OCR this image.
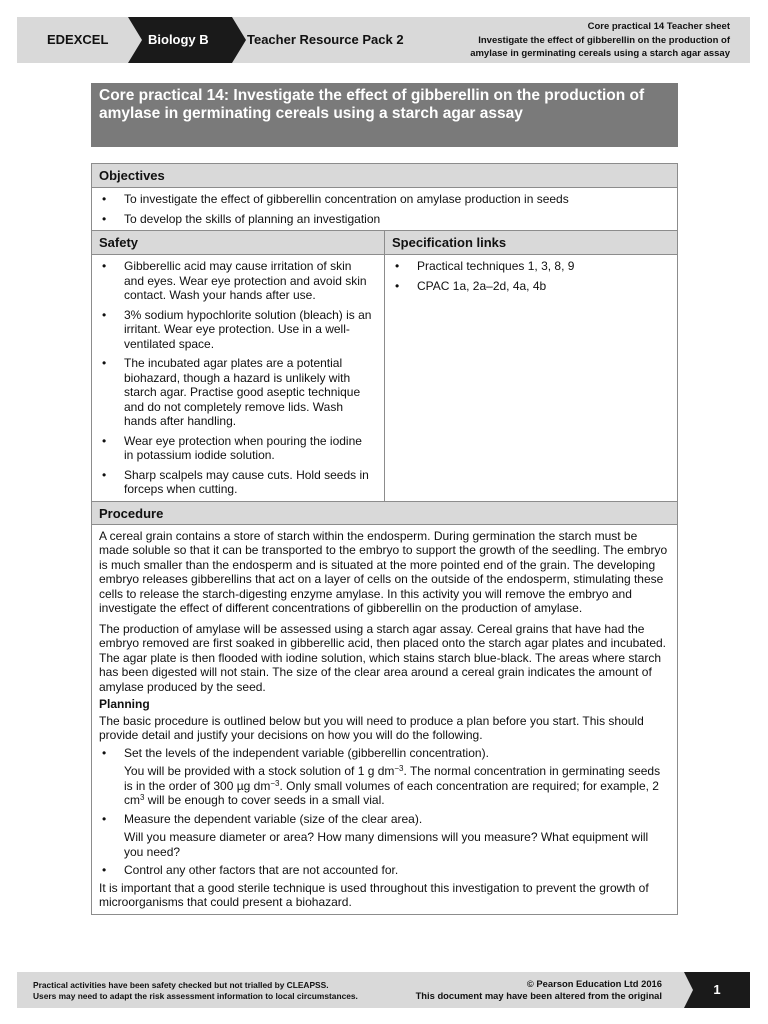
EDEXCEL	Biology B	Teacher Resource Pack 2
Core practical 14 Teacher sheet
Investigate the effect of gibberellin on the production of
amylase in germinating cereals using a starch agar assay
Core practical 14: Investigate the effect of gibberellin on the production of amylase in germinating cereals using a starch agar assay
Objectives
• To investigate the effect of gibberellin concentration on amylase production in seeds
• To develop the skills of planning an investigation
Safety
• Gibberellic acid may cause irritation of skin and eyes. Wear eye protection and avoid skin contact. Wash your hands after use.
• 3% sodium hypochlorite solution (bleach) is an irritant. Wear eye protection. Use in a well-ventilated space.
• The incubated agar plates are a potential biohazard, though a hazard is unlikely with starch agar. Practise good aseptic technique and do not completely remove lids. Wash hands after handling.
• Wear eye protection when pouring the iodine in potassium iodide solution.
• Sharp scalpels may cause cuts. Hold seeds in forceps when cutting.
Specification links
• Practical techniques 1, 3, 8, 9
• CPAC 1a, 2a–2d, 4a, 4b
Procedure

A cereal grain contains a store of starch within the endosperm. During germination the starch must be made soluble so that it can be transported to the embryo to support the growth of the seedling. The embryo is much smaller than the endosperm and is situated at the more pointed end of the grain. The developing embryo releases gibberellins that act on a layer of cells on the outside of the endosperm, stimulating these cells to release the starch-digesting enzyme amylase. In this activity you will remove the embryo and investigate the effect of different concentrations of gibberellin on the production of amylase.

The production of amylase will be assessed using a starch agar assay. Cereal grains that have had the embryo removed are first soaked in gibberellic acid, then placed onto the starch agar plates and incubated. The agar plate is then flooded with iodine solution, which stains starch blue-black. The areas where starch has been digested will not stain. The size of the clear area around a cereal grain indicates the amount of amylase produced by the seed.

Planning

The basic procedure is outlined below but you will need to produce a plan before you start. This should provide detail and justify your decisions on how you will do the following.

• Set the levels of the independent variable (gibberellin concentration).

You will be provided with a stock solution of 1 g $dm^{-3}$. The normal concentration in germinating seeds is in the order of 300 µg $dm^{-3}$. Only small volumes of each concentration are required; for example, 2 $cm^3$ will be enough to cover seeds in a small vial.

• Measure the dependent variable (size of the clear area).

Will you measure diameter or area? How many dimensions will you measure? What equipment will you need?

• Control any other factors that are not accounted for.

It is important that a good sterile technique is used throughout this investigation to prevent the growth of microorganisms that could present a biohazard.

Practical activities have been safety checked but not trialled by CLEAPSS.
Users may need to adapt the risk assessment information to local circumstances.
© Pearson Education Ltd 2016
This document may have been altered from the original	1
